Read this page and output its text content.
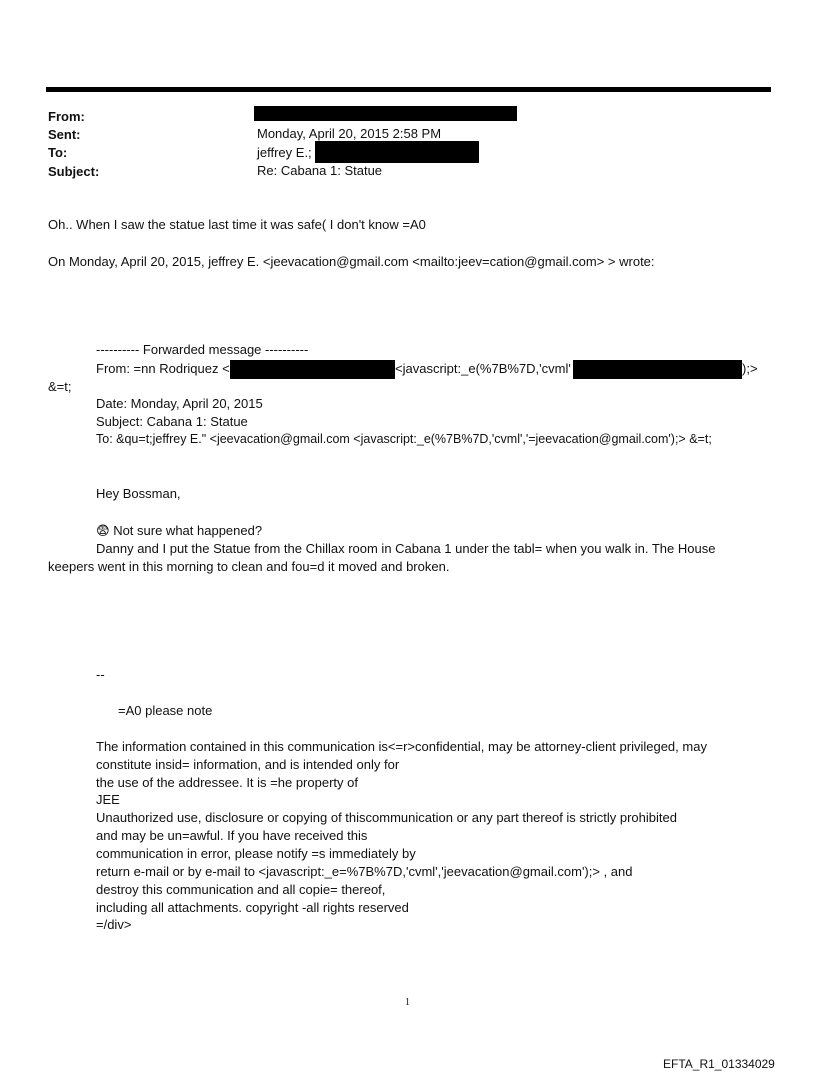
From:
Sent:	Monday, April 20, 2015 2:58 PM
To:	jeffrey E.;
Subject:	Re: Cabana 1: Statue
Oh.. When I saw the statue last time it was safe( I don't know =A0
On Monday, April 20, 2015, jeffrey E. <jeevacation@gmail.com <mailto:jeev=cation@gmail.com> > wrote:
---------- Forwarded message ----------
From: =nn Rodriquez <	<javascript:_e(%7B%7D,'cvml'	);>
&=t;
Date: Monday, April 20, 2015
Subject: Cabana 1: Statue
To: &qu=t;jeffrey E." <jeevacation@gmail.com <javascript:_e(%7B%7D,'cvml','=jeevacation@gmail.com');> &=t;
Hey Bossman,
😨 Not sure what happened?
Danny and I put the Statue from the Chillax room in Cabana 1 under the tabl= when you walk in. The House
keepers went in this morning to clean and fou=d it moved and broken.
--
=A0 please note
The information contained in this communication is<=r>confidential, may be attorney-client privileged, may
constitute insid= information, and is intended only for
the use of the addressee. It is =he property of
JEE
Unauthorized use, disclosure or copying of thiscommunication or any part thereof is strictly prohibited
and may be un=awful. If you have received this
communication in error, please notify =s immediately by
return e-mail or by e-mail to <javascript:_e=%7B%7D,'cvml','jeevacation@gmail.com');> , and
destroy this communication and all copie= thereof,
including all attachments. copyright -all rights reserved
=/div>
1
EFTA_R1_01334029
